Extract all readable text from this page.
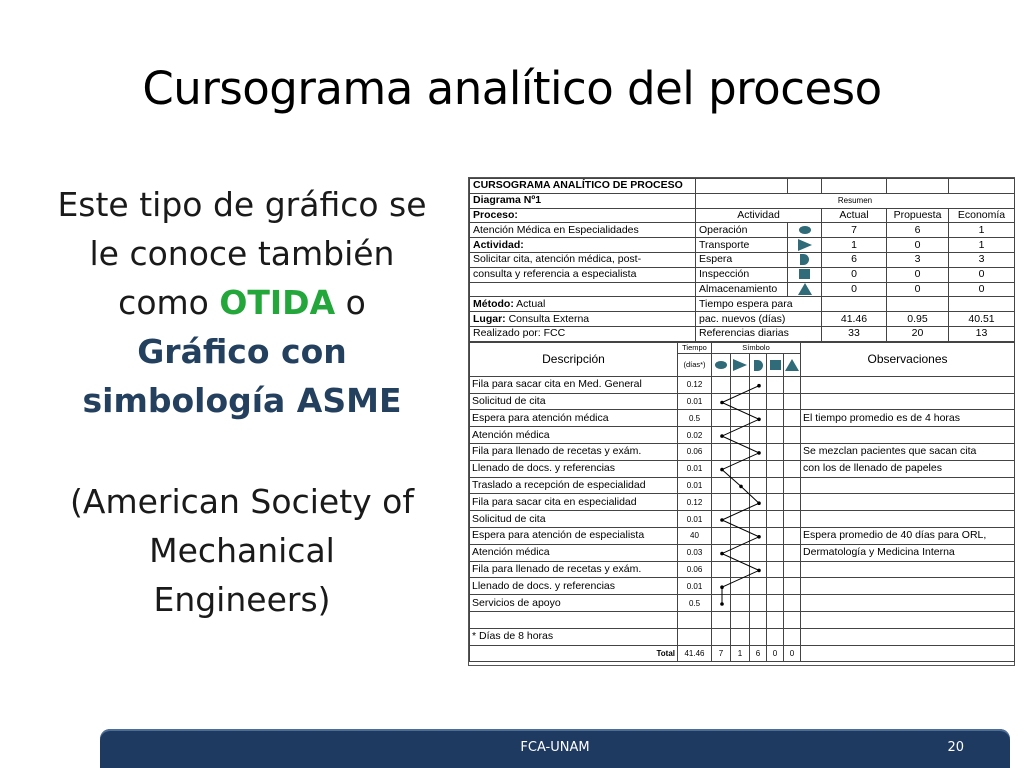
Cursograma analítico del proceso
Este tipo de gráfico se
le conoce también
como OTIDA o
Gráfico con
simbología ASME
(American Society of
Mechanical
Engineers)
CURSOGRAMA ANALÍTICO DE PROCESO					
Diagrama Nº1	Resumen				
Proceso:	Actividad		Actual	Propuesta	Economía
Atención Médica en Especialidades	Operación		7	6	1
Actividad:	Transporte		1	0	1
Solicitar cita, atención médica, post-	Espera		6	3	3
consulta y referencia a especialista	Inspección		0	0	0
	Almacenamiento		0	0	0
Método: Actual	Tiempo espera para				
Lugar: Consulta Externa	pac. nuevos (días)		41.46	0.95	40.51
Realizado por: FCC	Referencias diarias		33	20	13
Descripción	Tiempo	Símbolo					Observaciones
	(días*)						
Fila para sacar cita en Med. General	0.12						
Solicitud de cita	0.01						
Espera para atención médica	0.5						El tiempo promedio es de 4 horas
Atención médica	0.02						
Fila para llenado de recetas y exám.	0.06						Se mezclan pacientes que sacan cita
Llenado de docs. y referencias	0.01						con los de llenado de papeles
Traslado a recepción de especialidad	0.01						
Fila para sacar cita en especialidad	0.12						
Solicitud de cita	0.01						
Espera para atención de especialista	40						Espera promedio de 40 días para ORL,
Atención médica	0.03						Dermatología y Medicina Interna
Fila para llenado de recetas y exám.	0.06						
Llenado de docs. y referencias	0.01						
Servicios de apoyo	0.5						

* Días de 8 horas							
Total	41.46	7	1	6	0	0	
FCA-UNAM	20
